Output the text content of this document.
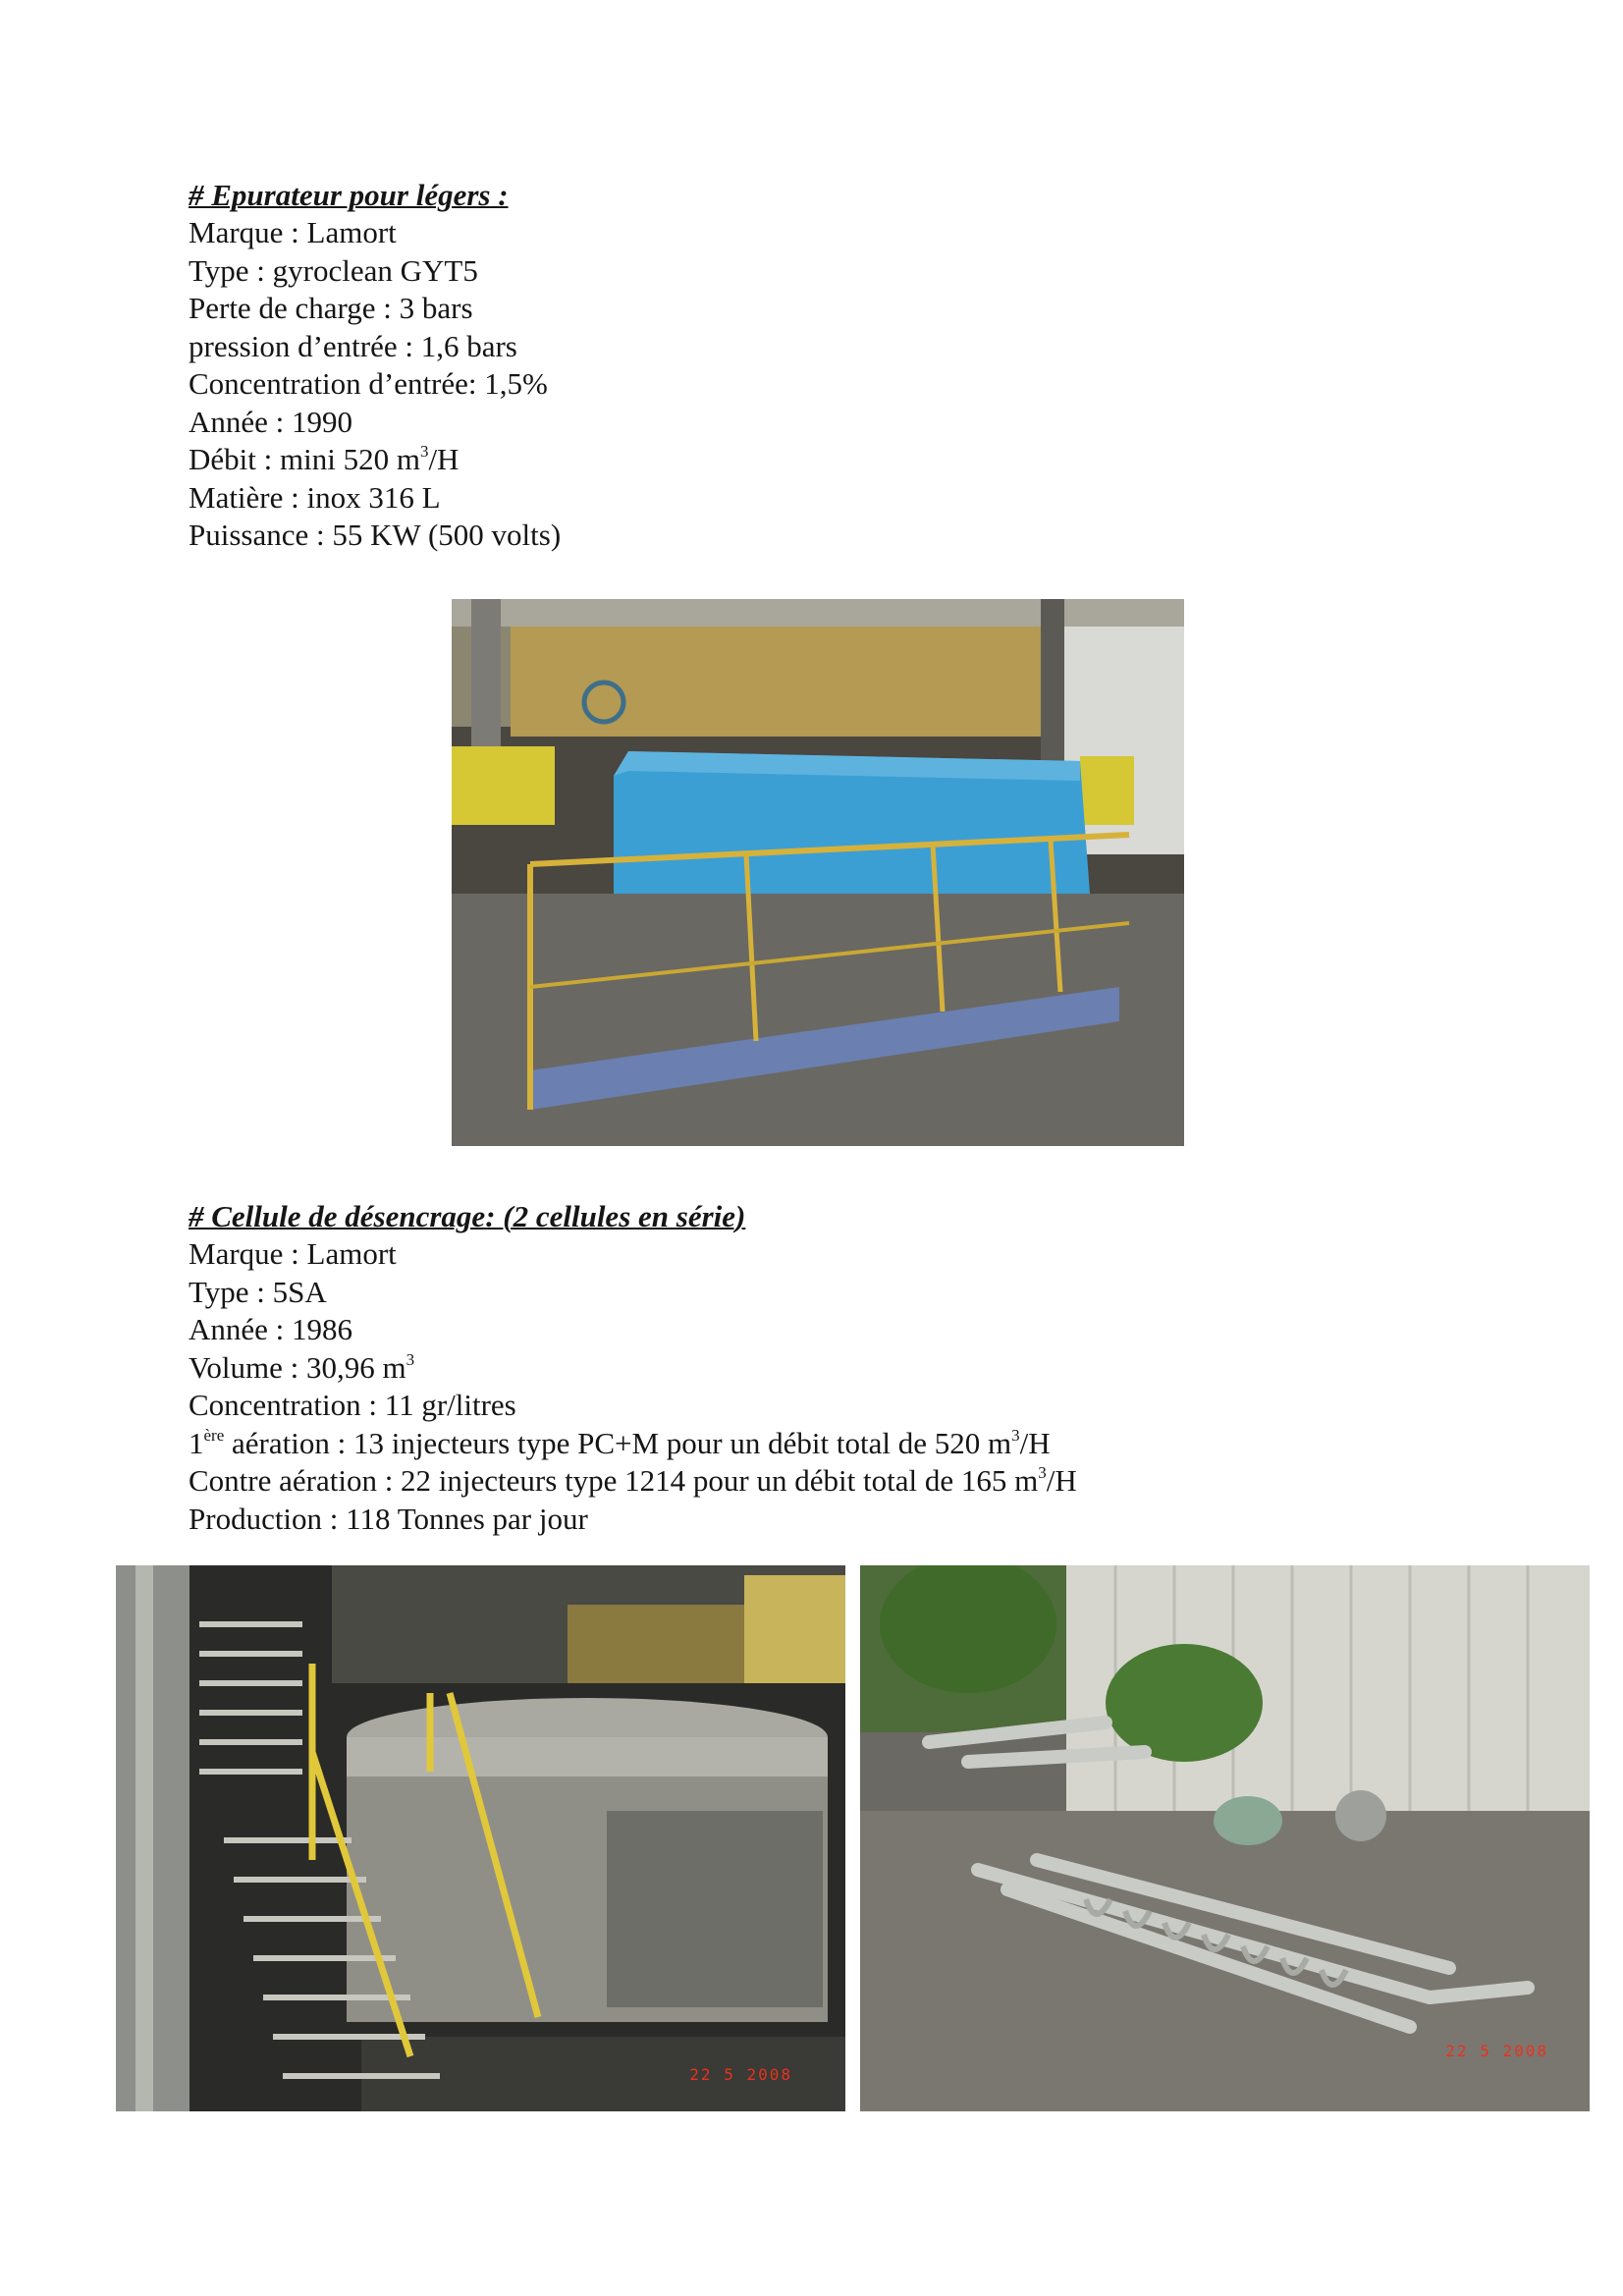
# Epurateur pour légers :
Marque : Lamort
Type : gyroclean GYT5
Perte de charge : 3 bars
pression d’entrée : 1,6 bars
Concentration d’entrée: 1,5%
Année : 1990
Débit : mini 520 $m^3/H$
Matière : inox 316 L
Puissance : 55 KW (500 volts)
# Cellule de désencrage: (2 cellules en série)
Marque : Lamort
Type : 5SA
Année : 1986
Volume : 30,96 $m^3$
Concentration : 11 gr/litres
1ère aération : 13 injecteurs type PC+M pour un débit total de 520 $m^3/H$
Contre aération : 22 injecteurs type 1214 pour un débit total de 165 $m^3/H$
Production : 118 Tonnes par jour
22 5 2008
22 5 2008
